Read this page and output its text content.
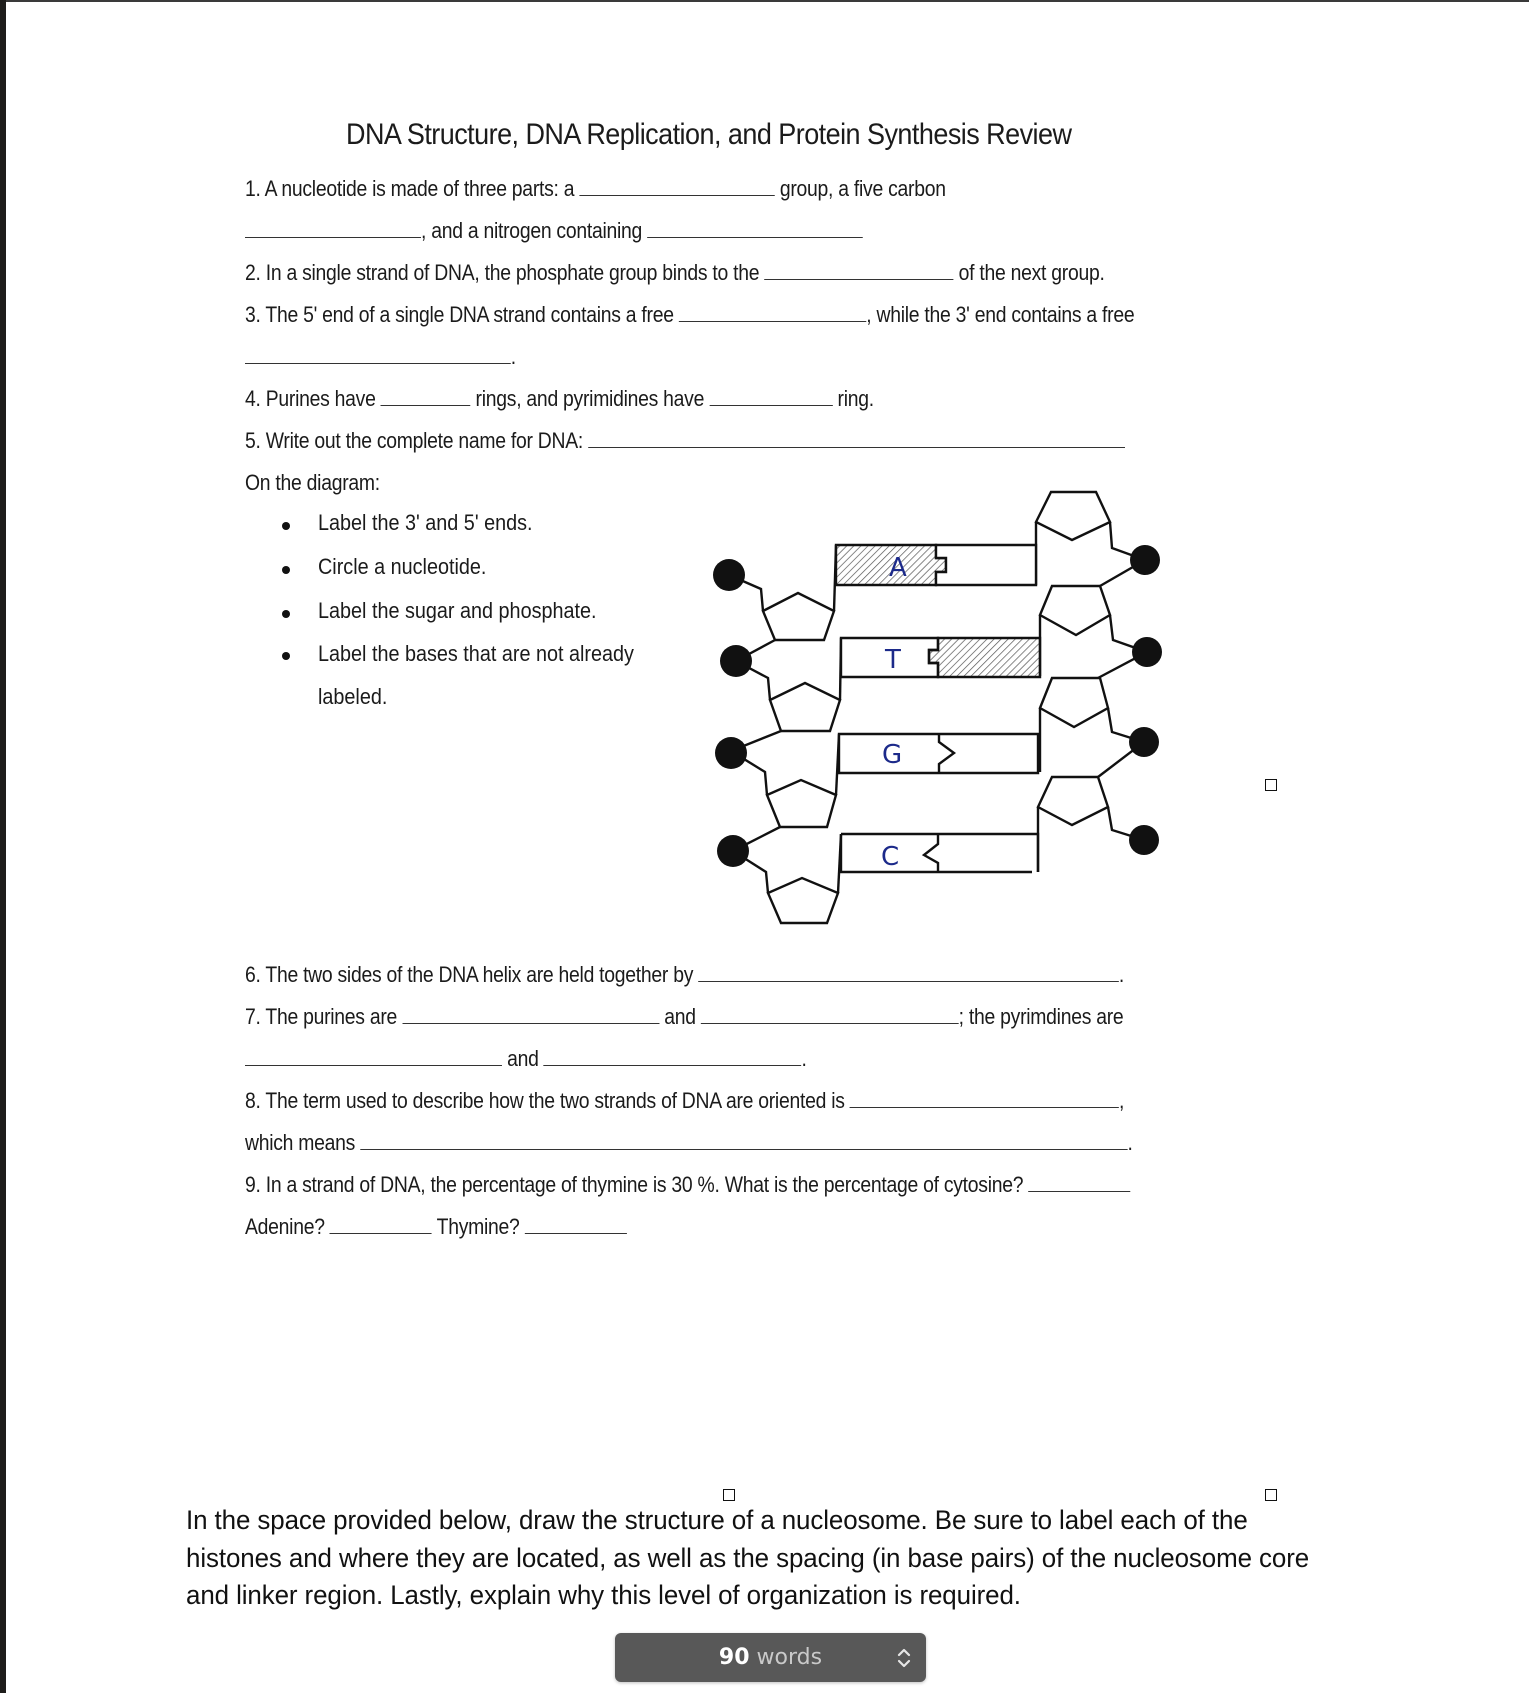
DNA Structure, DNA Replication, and Protein Synthesis Review
1. A nucleotide is made of three parts: a	group, a five carbon
, and a nitrogen containing
2. In a single strand of DNA, the phosphate group binds to the	of the next group.
3. The 5' end of a single DNA strand contains a free	, while the 3' end contains a free
.
4. Purines have	rings, and pyrimidines have	ring.
5. Write out the complete name for DNA:
On the diagram:
Label the 3' and 5' ends.
Circle a nucleotide.
Label the sugar and phosphate.
Label the bases that are not already
labeled.
A
T
G
C
6. The two sides of the DNA helix are held together by	.
7. The purines are	and	; the pyrimdines are
and	.
8. The term used to describe how the two strands of DNA are oriented is	,
which means	.
9. In a strand of DNA, the percentage of thymine is 30 %. What is the percentage of cytosine?
Adenine?	Thymine?
In the space provided below, draw the structure of a nucleosome. Be sure to label each of the histones and where they are located, as well as the spacing (in base pairs) of the nucleosome core and linker region. Lastly, explain why this level of organization is required.
90 words
